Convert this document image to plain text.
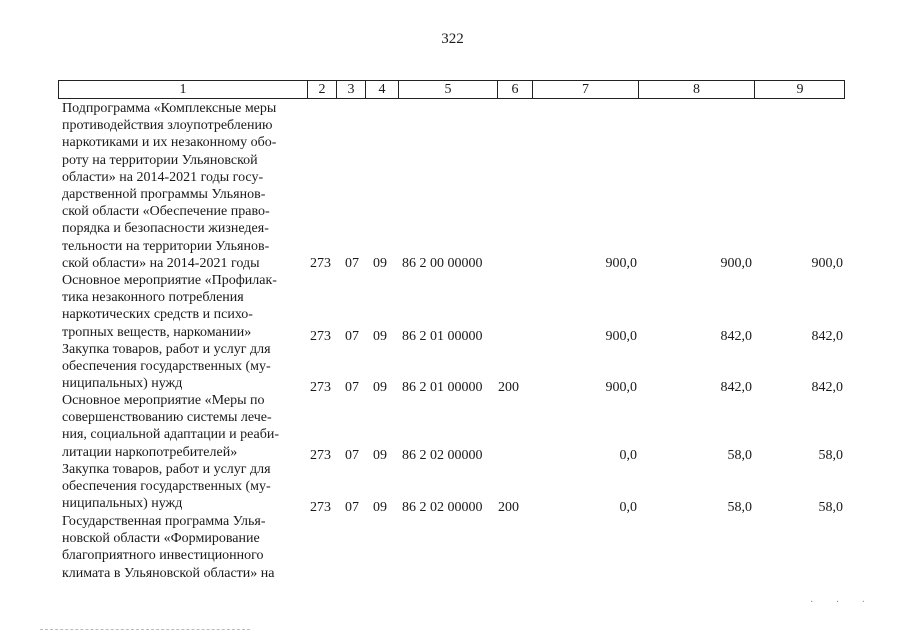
322
1	2	3	4	5	6	7	8	9
Подпрограмма «Комплексные меры
противодействия злоупотреблению
наркотиками и их незаконному обо-
роту на территории Ульяновской
области» на 2014-2021 годы госу-
дарственной программы Ульянов-
ской области «Обеспечение право-
порядка и безопасности жизнедея-
тельности на территории Ульянов-
ской области» на 2014-2021 годы	273 07 09 86 2 00 00000	900,0	900,0	900,0
Основное мероприятие «Профилак-
тика незаконного потребления
наркотических средств и психо-
тропных веществ, наркомании»	273 07 09 86 2 01 00000	900,0	842,0	842,0
Закупка товаров, работ и услуг для
обеспечения государственных (му-
ниципальных) нужд	273 07 09 86 2 01 00000 200	900,0	842,0	842,0
Основное мероприятие «Меры по
совершенствованию системы лече-
ния, социальной адаптации и реаби-
литации наркопотребителей»	273 07 09 86 2 02 00000	0,0	58,0	58,0
Закупка товаров, работ и услуг для
обеспечения государственных (му-
ниципальных) нужд	273 07 09 86 2 02 00000 200	0,0	58,0	58,0
Государственная программа Улья-
новской области «Формирование
благоприятного инвестиционного
климата в Ульяновской области» на
· · ·
